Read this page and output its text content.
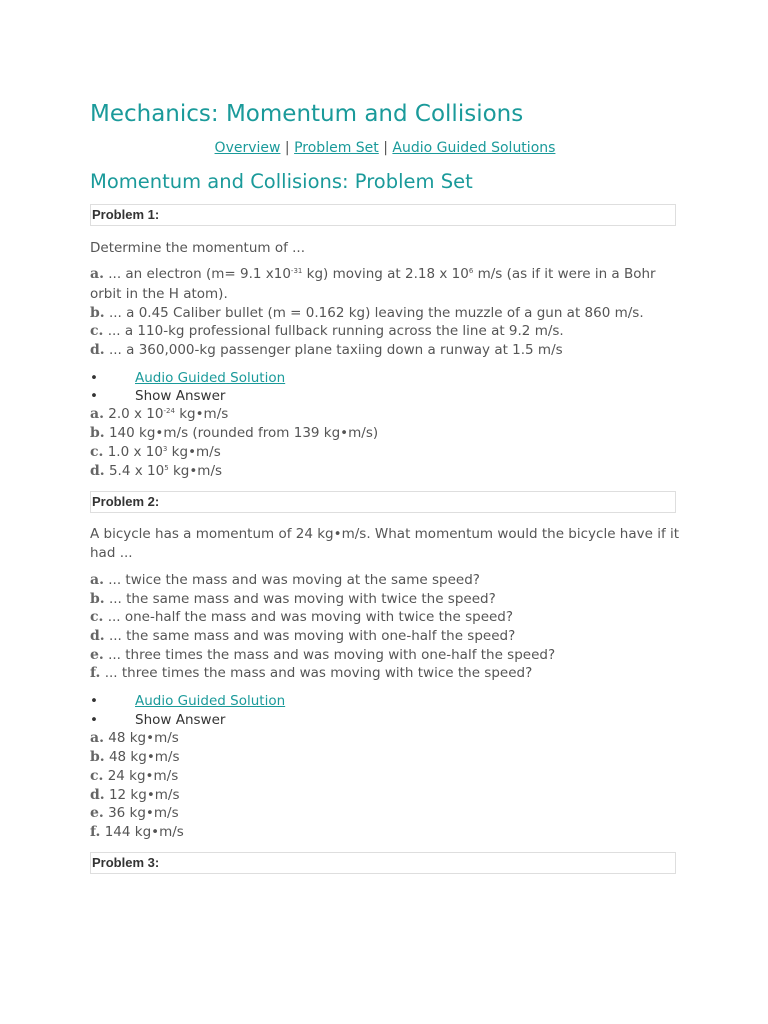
Mechanics: Momentum and Collisions
Overview | Problem Set | Audio Guided Solutions
Momentum and Collisions: Problem Set
Problem 1:
Determine the momentum of ...
a. ... an electron (m= 9.1 $x10^{-31}$ kg) moving at 2.18 x $10^6$ m/s (as if it were in a Bohr
orbit in the H atom).
b. ... a 0.45 Caliber bullet (m = 0.162 kg) leaving the muzzle of a gun at 860 m/s.
c. ... a 110-kg professional fullback running across the line at 9.2 m/s.
d. ... a 360,000-kg passenger plane taxiing down a runway at 1.5 m/s
•	Audio Guided Solution
•	Show Answer
a. 2.0 x $10^{-24}$ kg•m/s
b. 140 kg•m/s (rounded from 139 kg•m/s)
c. 1.0 x $10^3$ kg•m/s
d. 5.4 x $10^5$ kg•m/s
Problem 2:
A bicycle has a momentum of 24 kg•m/s. What momentum would the bicycle have if it
had ...
a. ... twice the mass and was moving at the same speed?
b. ... the same mass and was moving with twice the speed?
c. ... one-half the mass and was moving with twice the speed?
d. ... the same mass and was moving with one-half the speed?
e. ... three times the mass and was moving with one-half the speed?
f. ... three times the mass and was moving with twice the speed?
•	Audio Guided Solution
•	Show Answer
a. 48 kg•m/s
b. 48 kg•m/s
c. 24 kg•m/s
d. 12 kg•m/s
e. 36 kg•m/s
f. 144 kg•m/s
Problem 3:
